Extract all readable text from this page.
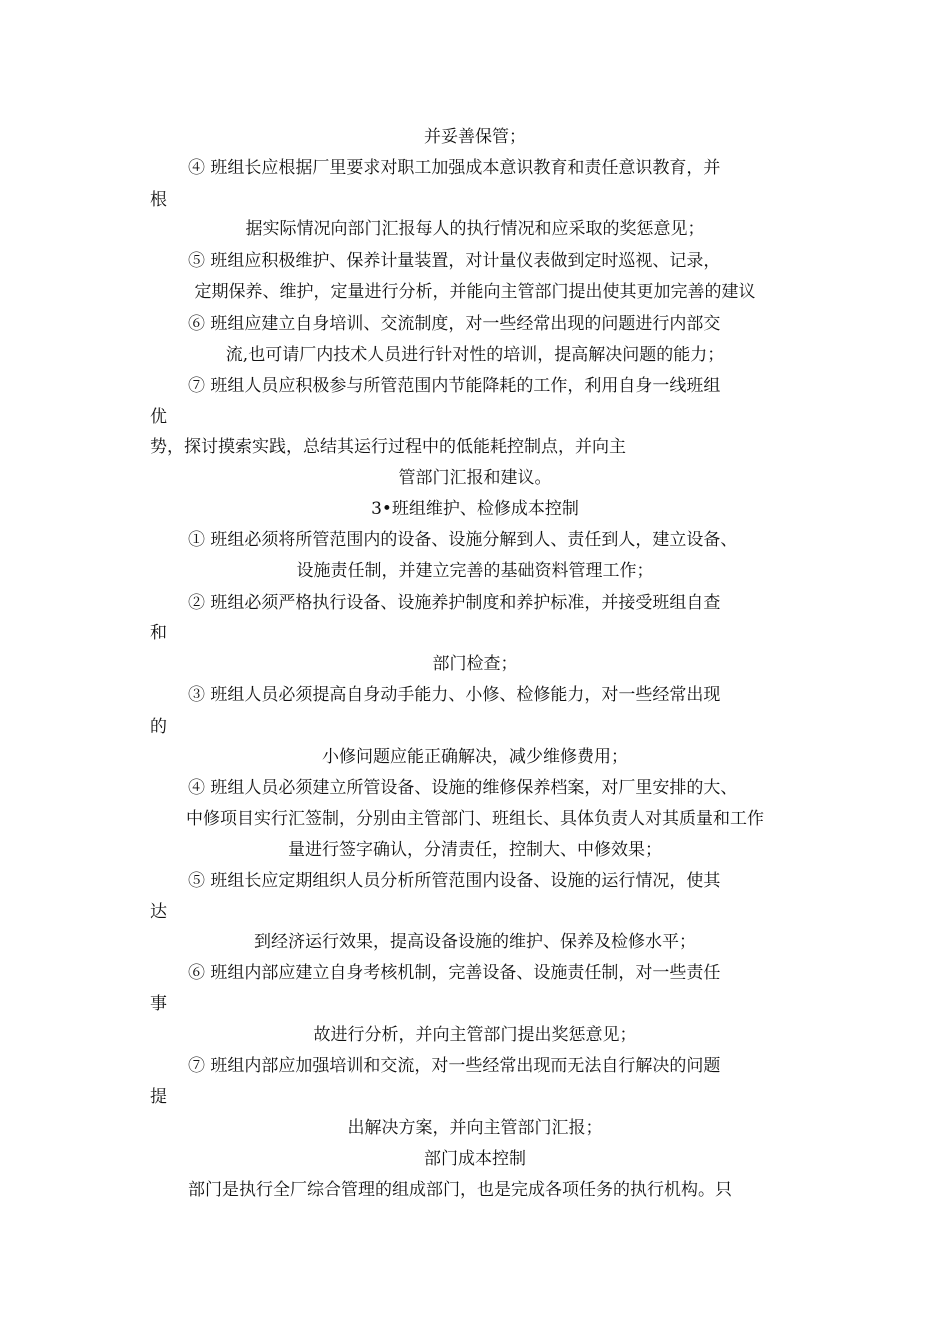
并妥善保管；
④ 班组长应根据厂里要求对职工加强成本意识教育和责任意识教育，并
根
据实际情况向部门汇报每人的执行情况和应采取的奖惩意见；
⑤ 班组应积极维护、保养计量装置，对计量仪表做到定时巡视、记录，
定期保养、维护，定量进行分析，并能向主管部门提出使其更加完善的建议
⑥ 班组应建立自身培训、交流制度，对一些经常出现的问题进行内部交
流,也可请厂内技术人员进行针对性的培训，提高解决问题的能力；
⑦ 班组人员应积极参与所管范围内节能降耗的工作，利用自身一线班组
优
势，探讨摸索实践，总结其运行过程中的低能耗控制点，并向主
管部门汇报和建议。
3•班组维护、检修成本控制
① 班组必须将所管范围内的设备、设施分解到人、责任到人，建立设备、
设施责任制，并建立完善的基础资料管理工作；
② 班组必须严格执行设备、设施养护制度和养护标准，并接受班组自查
和
部门检查；
③ 班组人员必须提高自身动手能力、小修、检修能力，对一些经常出现
的
小修问题应能正确解决，减少维修费用；
④ 班组人员必须建立所管设备、设施的维修保养档案，对厂里安排的大、
中修项目实行汇签制，分别由主管部门、班组长、具体负责人对其质量和工作
量进行签字确认，分清责任，控制大、中修效果；
⑤ 班组长应定期组织人员分析所管范围内设备、设施的运行情况，使其
达
到经济运行效果，提高设备设施的维护、保养及检修水平；
⑥ 班组内部应建立自身考核机制，完善设备、设施责任制，对一些责任
事
故进行分析，并向主管部门提出奖惩意见；
⑦ 班组内部应加强培训和交流，对一些经常出现而无法自行解决的问题
提
出解决方案，并向主管部门汇报；
部门成本控制
部门是执行全厂综合管理的组成部门，也是完成各项任务的执行机构。只
